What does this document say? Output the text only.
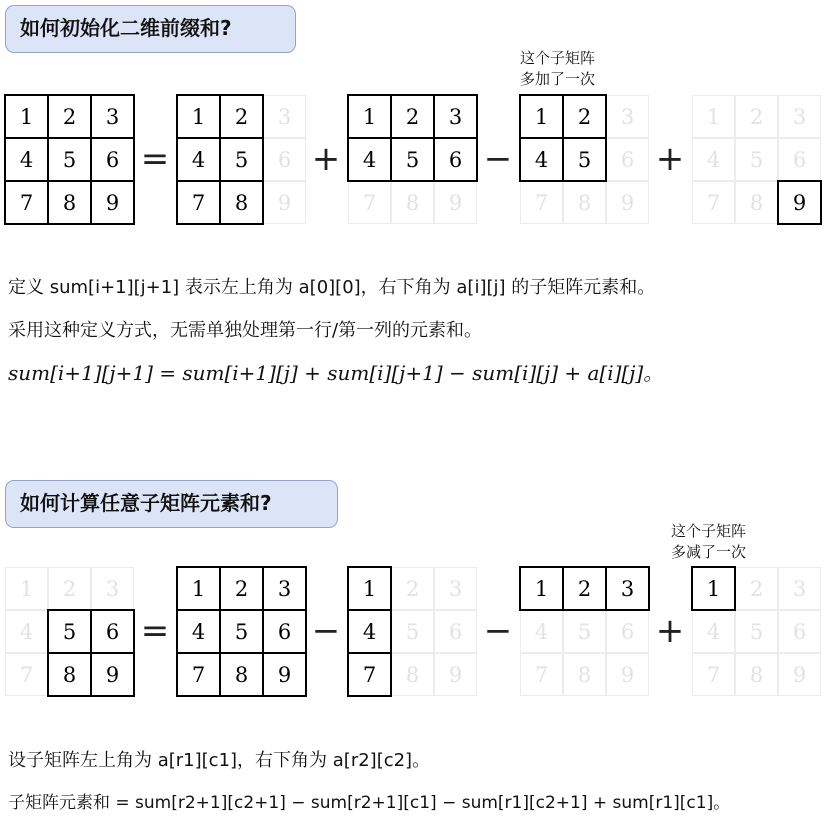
如何初始化二维前缀和?
这个子矩阵
多加了一次
1	2	3
4	5	6
7	8	9
=
1	2	3
4	5	6
7	8	9
+
1	2	3
4	5	6
7	8	9
−
1	2	3
4	5	6
7	8	9
+
1	2	3
4	5	6
7	8	9
定义 sum[i+1][j+1] 表示左上角为 a[0][0]，右下角为 a[i][j] 的子矩阵元素和。
采用这种定义方式，无需单独处理第一行/第一列的元素和。
sum[i+1][j+1] = sum[i+1][j] + sum[i][j+1] − sum[i][j] + a[i][j]。
如何计算任意子矩阵元素和?
这个子矩阵
多减了一次
1	2	3
4	5	6
7	8	9
=
1	2	3
4	5	6
7	8	9
−
1	2	3
4	5	6
7	8	9
−
1	2	3
4	5	6
7	8	9
+
1	2	3
4	5	6
7	8	9
设子矩阵左上角为 a[r1][c1]，右下角为 a[r2][c2]。
子矩阵元素和 = sum[r2+1][c2+1] − sum[r2+1][c1] − sum[r1][c2+1] + sum[r1][c1]。
